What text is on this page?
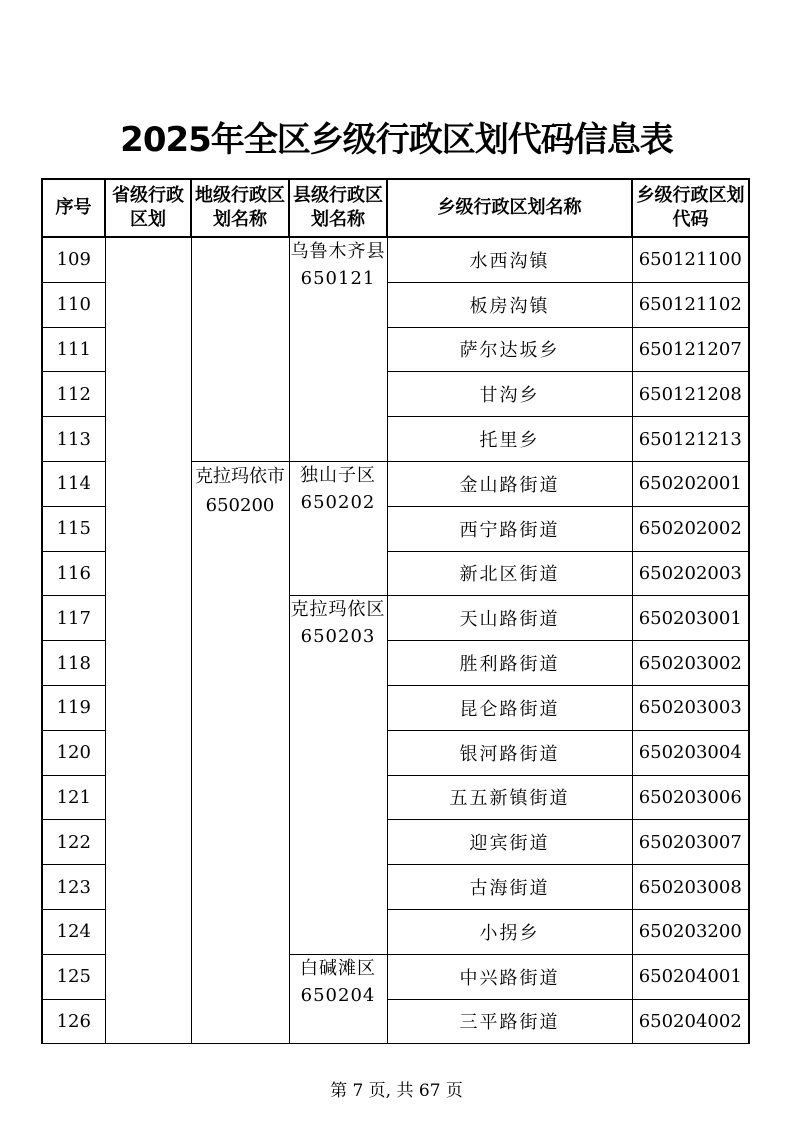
2025年全区乡级行政区划代码信息表
序号	省级行政区划	地级行政区划名称	县级行政区划名称	乡级行政区划名称	乡级行政区划代码
109			乌鲁木齐县 650121	水西沟镇	650121100
110				板房沟镇	650121102
111				萨尔达坂乡	650121207
112				甘沟乡	650121208
113				托里乡	650121213
114		克拉玛依市 650200	独山子区 650202	金山路街道	650202001
115				西宁路街道	650202002
116				新北区街道	650202003
117			克拉玛依区 650203	天山路街道	650203001
118				胜利路街道	650203002
119				昆仑路街道	650203003
120				银河路街道	650203004
121				五五新镇街道	650203006
122				迎宾街道	650203007
123				古海街道	650203008
124				小拐乡	650203200
125			白碱滩区 650204	中兴路街道	650204001
126				三平路街道	650204002
第 7 页, 共 67 页
